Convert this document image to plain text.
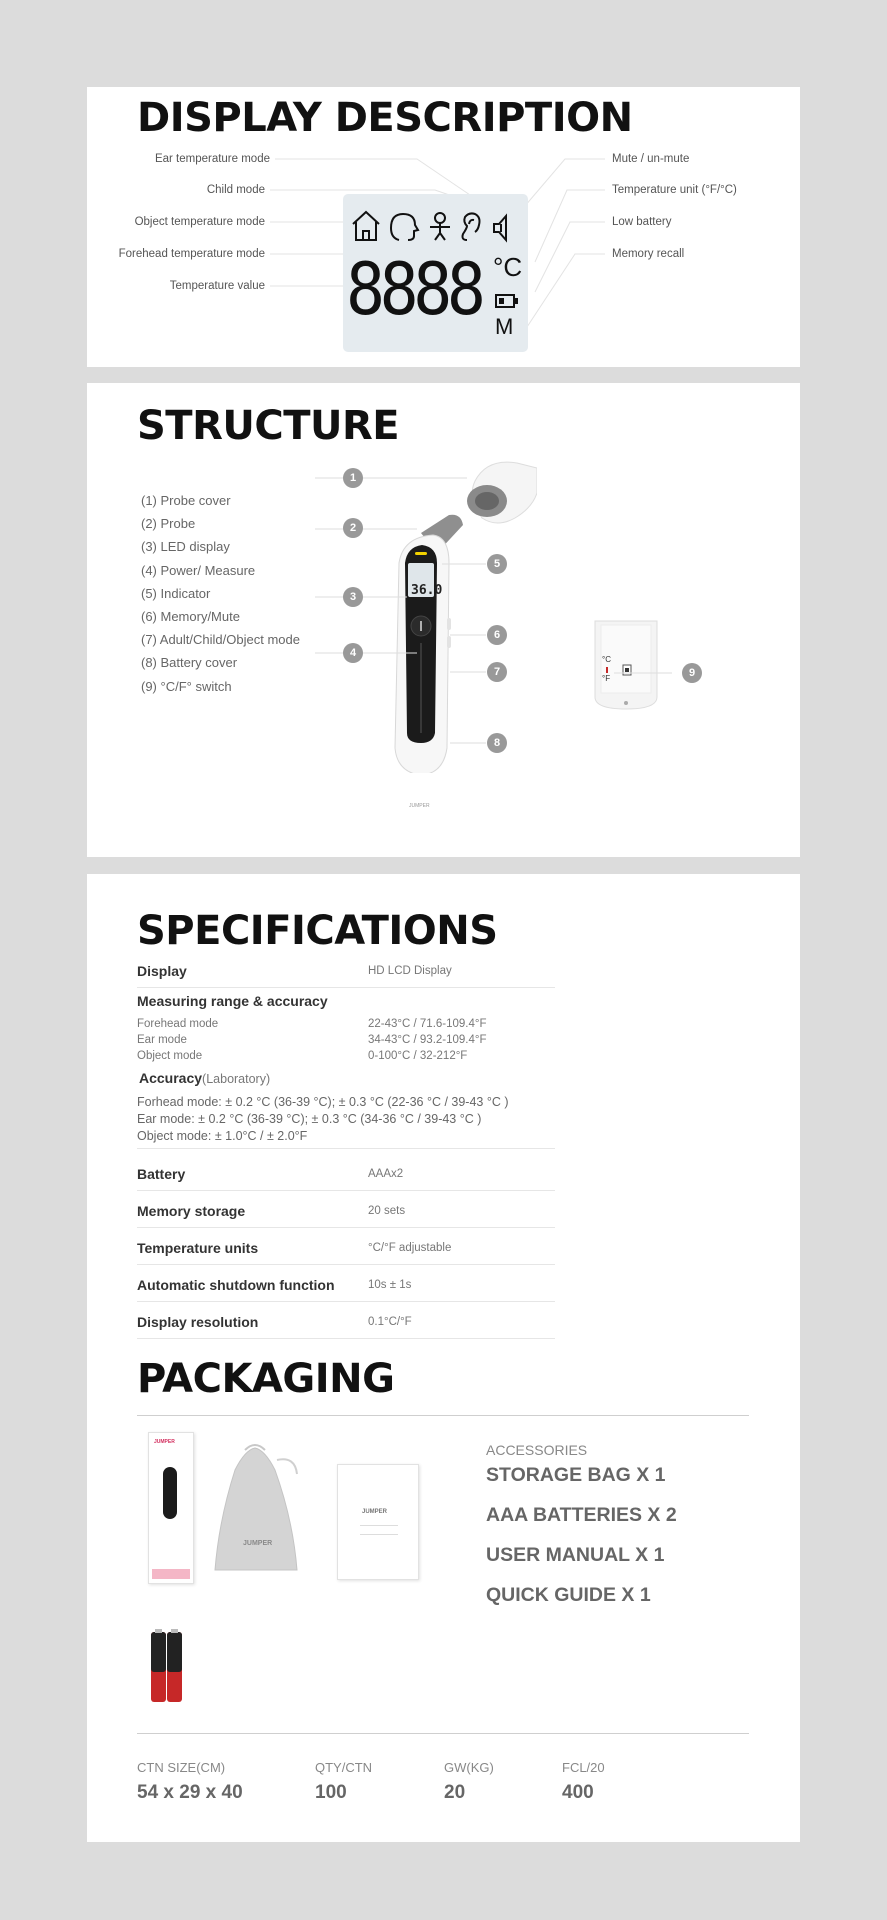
DISPLAY DESCRIPTION
Ear temperature mode
Child mode
Object temperature mode
Forehead temperature mode
Temperature value
Mute / un-mute
Temperature unit (°F/°C)
Low battery
Memory recall
8888 °C
M
STRUCTURE
(1) Probe cover
(2) Probe
(3) LED display
(4) Power/ Measure
(5) Indicator
(6) Memory/Mute
(7) Adult/Child/Object mode
(8) Battery cover
(9) °C/F° switch
36.0
JUMPER
°C
°F
1
2
3
4
5
6
7
8
9
SPECIFICATIONS
Display	HD LCD Display
Measuring range & accuracy
Forehead mode	22-43°C / 71.6-109.4°F
Ear mode	34-43°C / 93.2-109.4°F
Object mode	0-100°C / 32-212°F
Accuracy(Laboratory)
Forhead mode: ± 0.2 °C (36-39 °C); ± 0.3 °C (22-36 °C / 39-43 °C )
Ear mode: ± 0.2 °C (36-39 °C); ± 0.3 °C (34-36 °C / 39-43 °C )
Object mode: ± 1.0°C / ± 2.0°F
Battery	AAAx2
Memory storage	20 sets
Temperature units	°C/°F adjustable
Automatic shutdown function	10s ± 1s
Display resolution	0.1°C/°F
PACKAGING
JUMPER
JUMPER
JUMPER
ACCESSORIES
STORAGE BAG X 1
AAA BATTERIES X 2
USER MANUAL X 1
QUICK GUIDE X 1
CTN SIZE(CM)
54 x 29 x 40
QTY/CTN
100
GW(KG)
20
FCL/20
400
